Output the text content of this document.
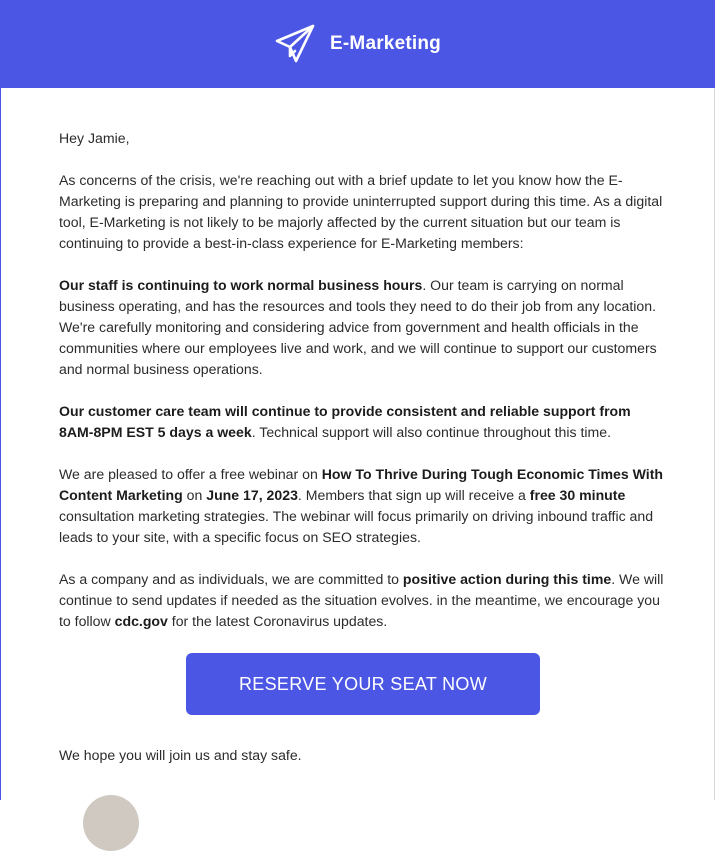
E-Marketing

Hey Jamie,

As concerns of the crisis, we're reaching out with a brief update to let you know how the E-Marketing is preparing and planning to provide uninterrupted support during this time. As a digital tool, E-Marketing is not likely to be majorly affected by the current situation but our team is continuing to provide a best-in-class experience for E-Marketing members:

Our staff is continuing to work normal business hours. Our team is carrying on normal business operating, and has the resources and tools they need to do their job from any location. We're carefully monitoring and considering advice from government and health officials in the communities where our employees live and work, and we will continue to support our customers and normal business operations.

Our customer care team will continue to provide consistent and reliable support from 8AM-8PM EST 5 days a week. Technical support will also continue throughout this time.

We are pleased to offer a free webinar on How To Thrive During Tough Economic Times With Content Marketing on June 17, 2023. Members that sign up will receive a free 30 minute consultation marketing strategies. The webinar will focus primarily on driving inbound traffic and leads to your site, with a specific focus on SEO strategies.

As a company and as individuals, we are committed to positive action during this time. We will continue to send updates if needed as the situation evolves. in the meantime, we encourage you to follow cdc.gov for the latest Coronavirus updates.

RESERVE YOUR SEAT NOW

We hope you will join us and stay safe.
